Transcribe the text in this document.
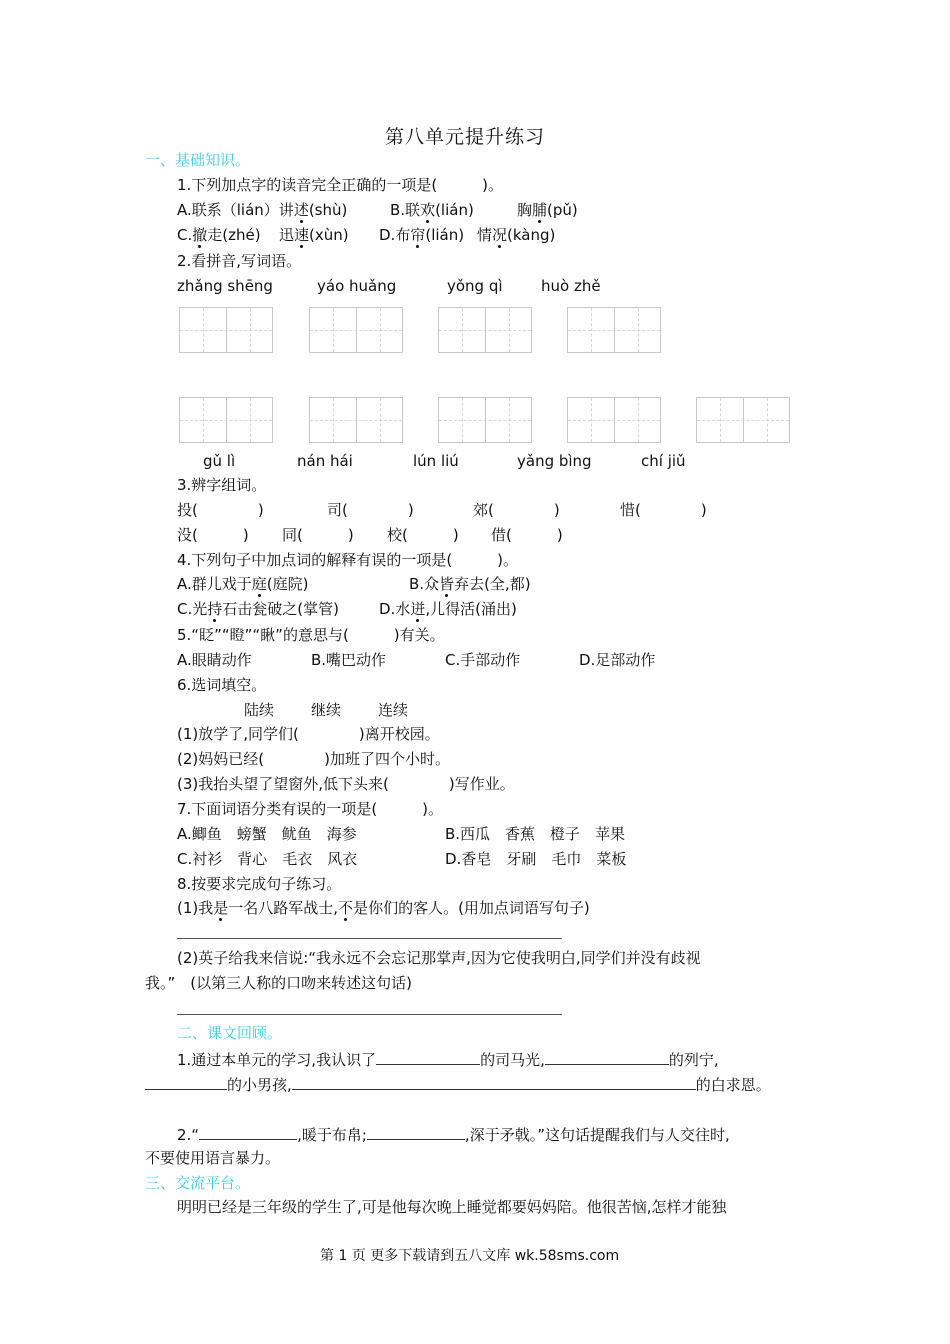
第八单元提升练习
一、基础知识。
1.下列加点字的读音完全正确的一项是(　　　)。
A.联系（lián）讲述(shù)	B.联欢(lián)	胸脯(pǔ)
C.撤走(zhé) 迅速(xùn) D.布帘(lián) 情况(kàng)
2.看拼音,写词语。
zhǎng shēng	yáo huǎng	yǒng qì	huò zhě
gǔ lì	nán hái	lún liú	yǎng bìng	chí jiǔ
3.辨字组词。
投(　　　　)	司(　　　　)	郊(　　　　)	惜(　　　　)
没(　　　) 同(　　　) 校(　　　) 借(　　　)
4.下列句子中加点词的解释有误的一项是(　　　)。
A.群儿戏于庭(庭院)	B.众皆弃去(全,都)
C.光持石击瓮破之(掌管)	D.水迸,儿得活(涌出)
5.“眨”“瞪”“瞅”的意思与(　　　)有关。
A.眼睛动作	B.嘴巴动作	C.手部动作	D.足部动作
6.选词填空。
陆续 继续 连续
(1)放学了,同学们(　　　　)离开校园。
(2)妈妈已经(　　　　)加班了四个小时。
(3)我抬头望了望窗外,低下头来(　　　　)写作业。
7.下面词语分类有误的一项是(　　　)。
A.鲫鱼　螃蟹　鱿鱼　海参	B.西瓜　香蕉　橙子　苹果
C.衬衫　背心　毛衣　风衣	D.香皂　牙刷　毛巾　菜板
8.按要求完成句子练习。
(1)我是一名八路军战士,不是你们的客人。(用加点词语写句子)
(2)英子给我来信说:“我永远不会忘记那掌声,因为它使我明白,同学们并没有歧视
我。”　(以第三人称的口吻来转述这句话)
二、课文回顾。
1.通过本单元的学习,我认识了	的司马光,	的列宁,
的小男孩,	的白求恩。
2.“	,暖于布帛;	,深于矛戟。”这句话提醒我们与人交往时,
不要使用语言暴力。
三、交流平台。
明明已经是三年级的学生了,可是他每次晚上睡觉都要妈妈陪。他很苦恼,怎样才能独
第 1 页 更多下载请到五八文库 wk.58sms.com
